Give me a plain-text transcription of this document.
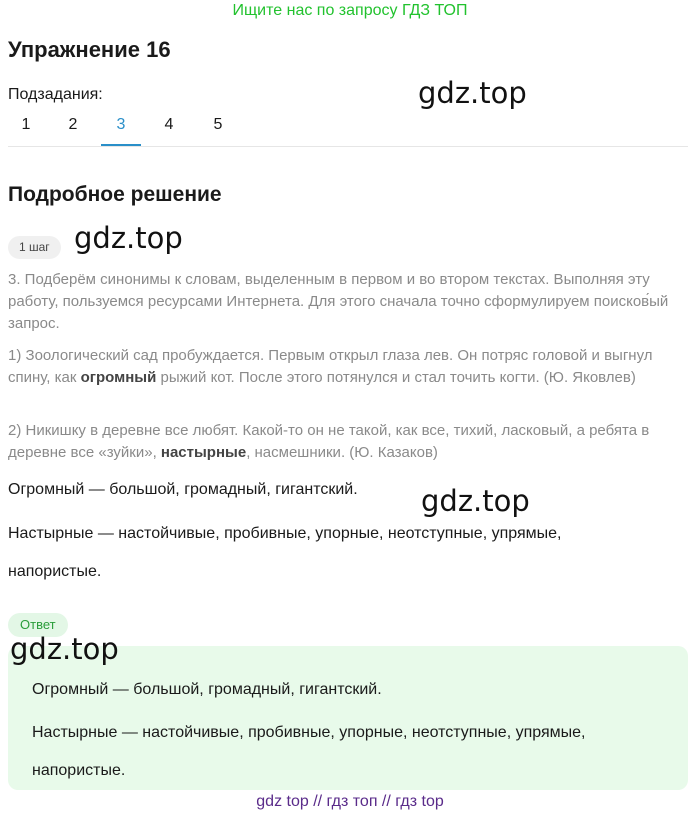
Ищите нас по запросу ГДЗ ТОП
Упражнение 16
Подзадания:
1	2	3	4	5
Подробное решение
1 шаг
3. Подберём синонимы к словам, выделенным в первом и во втором текстах. Выполняя эту работу, пользуемся ресурсами Интернета. Для этого сначала точно сформулируем поисков́ый запрос.
1) Зоологический сад пробуждается. Первым открыл глаза лев. Он потряс головой и выгнул спину, как огромный рыжий кот. После этого потянулся и стал точить когти. (Ю. Яковлев)
2) Никишку в деревне все любят. Какой-то он не такой, как все, тихий, ласковый, а ребята в деревне все «зуйки», настырные, насмешники. (Ю. Казаков)
Огромный — большой, громадный, гигантский.
Настырные — настойчивые, пробивные, упорные, неотступные, упрямые,
напористые.
Ответ
Огромный — большой, громадный, гигантский.
Настырные — настойчивые, пробивные, упорные, неотступные, упрямые,
напористые.
gdz.top
gdz.top
gdz.top
gdz.top
gdz top // гдз топ // гдз top
